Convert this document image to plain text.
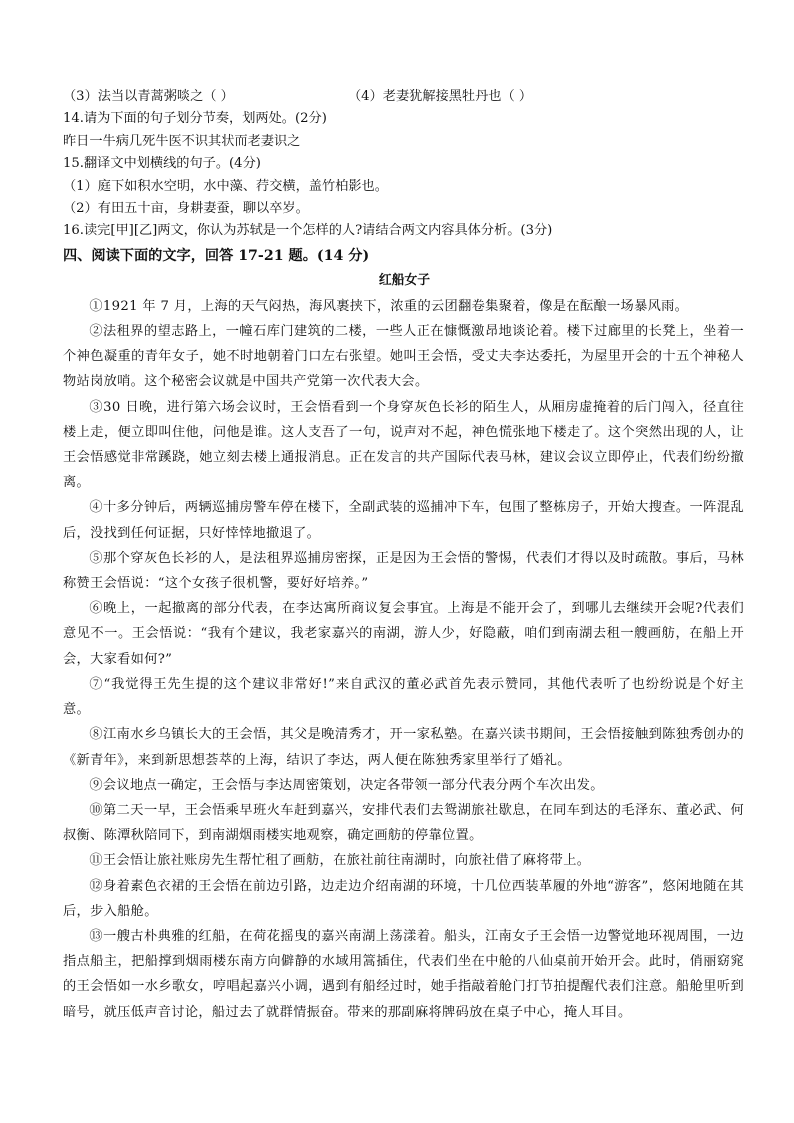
（3）法当以青蒿粥啖之（ ）	（4）老妻犹解接黑牡丹也（ ）
14.请为下面的句子划分节奏，划两处。(2分)
昨日一牛病几死牛医不识其状而老妻识之
15.翻译文中划横线的句子。(4分)
（1）庭下如积水空明，水中藻、荇交横，盖竹柏影也。
（2）有田五十亩，身耕妻蚕，聊以卒岁。
16.读完[甲][乙]两文，你认为苏轼是一个怎样的人?请结合两文内容具体分析。(3分)
四、阅读下面的文字，回答 17-21 题。(14 分)
红船女子

①1921 年 7 月，上海的天气闷热，海风裹挟下，浓重的云团翻卷集聚着，像是在酝酿一场暴风雨。

②法租界的望志路上，一幢石库门建筑的二楼，一些人正在慷慨激昂地谈论着。楼下过廊里的长凳上，坐着一个神色凝重的青年女子，她不时地朝着门口左右张望。她叫王会悟，受丈夫李达委托，为屋里开会的十五个神秘人物站岗放哨。这个秘密会议就是中国共产党第一次代表大会。

③30 日晚，进行第六场会议时，王会悟看到一个身穿灰色长衫的陌生人，从厢房虚掩着的后门闯入，径直往楼上走，便立即叫住他，问他是谁。这人支吾了一句，说声对不起，神色慌张地下楼走了。这个突然出现的人，让王会悟感觉非常蹊跷，她立刻去楼上通报消息。正在发言的共产国际代表马林，建议会议立即停止，代表们纷纷撤离。

④十多分钟后，两辆巡捕房警车停在楼下，全副武装的巡捕冲下车，包围了整栋房子，开始大搜查。一阵混乱后，没找到任何证据，只好悻悻地撤退了。

⑤那个穿灰色长衫的人，是法租界巡捕房密探，正是因为王会悟的警惕，代表们才得以及时疏散。事后，马林称赞王会悟说：“这个女孩子很机警，要好好培养。”

⑥晚上，一起撤离的部分代表，在李达寓所商议复会事宜。上海是不能开会了，到哪儿去继续开会呢?代表们意见不一。王会悟说：“我有个建议，我老家嘉兴的南湖，游人少，好隐蔽，咱们到南湖去租一艘画舫，在船上开会，大家看如何?”

⑦“我觉得王先生提的这个建议非常好!”来自武汉的董必武首先表示赞同，其他代表听了也纷纷说是个好主意。

⑧江南水乡乌镇长大的王会悟，其父是晚清秀才，开一家私塾。在嘉兴读书期间，王会悟接触到陈独秀创办的《新青年》，来到新思想荟萃的上海，结识了李达，两人便在陈独秀家里举行了婚礼。

⑨会议地点一确定，王会悟与李达周密策划，决定各带领一部分代表分两个车次出发。

⑩第二天一早，王会悟乘早班火车赶到嘉兴，安排代表们去鸳湖旅社歇息，在同车到达的毛泽东、董必武、何叔衡、陈潭秋陪同下，到南湖烟雨楼实地观察，确定画舫的停靠位置。

⑪王会悟让旅社账房先生帮忙租了画舫，在旅社前往南湖时，向旅社借了麻将带上。

⑫身着素色衣裙的王会悟在前边引路，边走边介绍南湖的环境，十几位西装革履的外地“游客”，悠闲地随在其后，步入船舱。

⑬一艘古朴典雅的红船，在荷花摇曳的嘉兴南湖上荡漾着。船头，江南女子王会悟一边警觉地环视周围，一边指点船主，把船撑到烟雨楼东南方向僻静的水域用篙插住，代表们坐在中舱的八仙桌前开始开会。此时，俏丽窈窕的王会悟如一水乡歌女，哼唱起嘉兴小调，遇到有船经过时，她手指敲着舱门打节拍提醒代表们注意。船舱里听到暗号，就压低声音讨论，船过去了就群情振奋。带来的那副麻将牌码放在桌子中心，掩人耳目。
